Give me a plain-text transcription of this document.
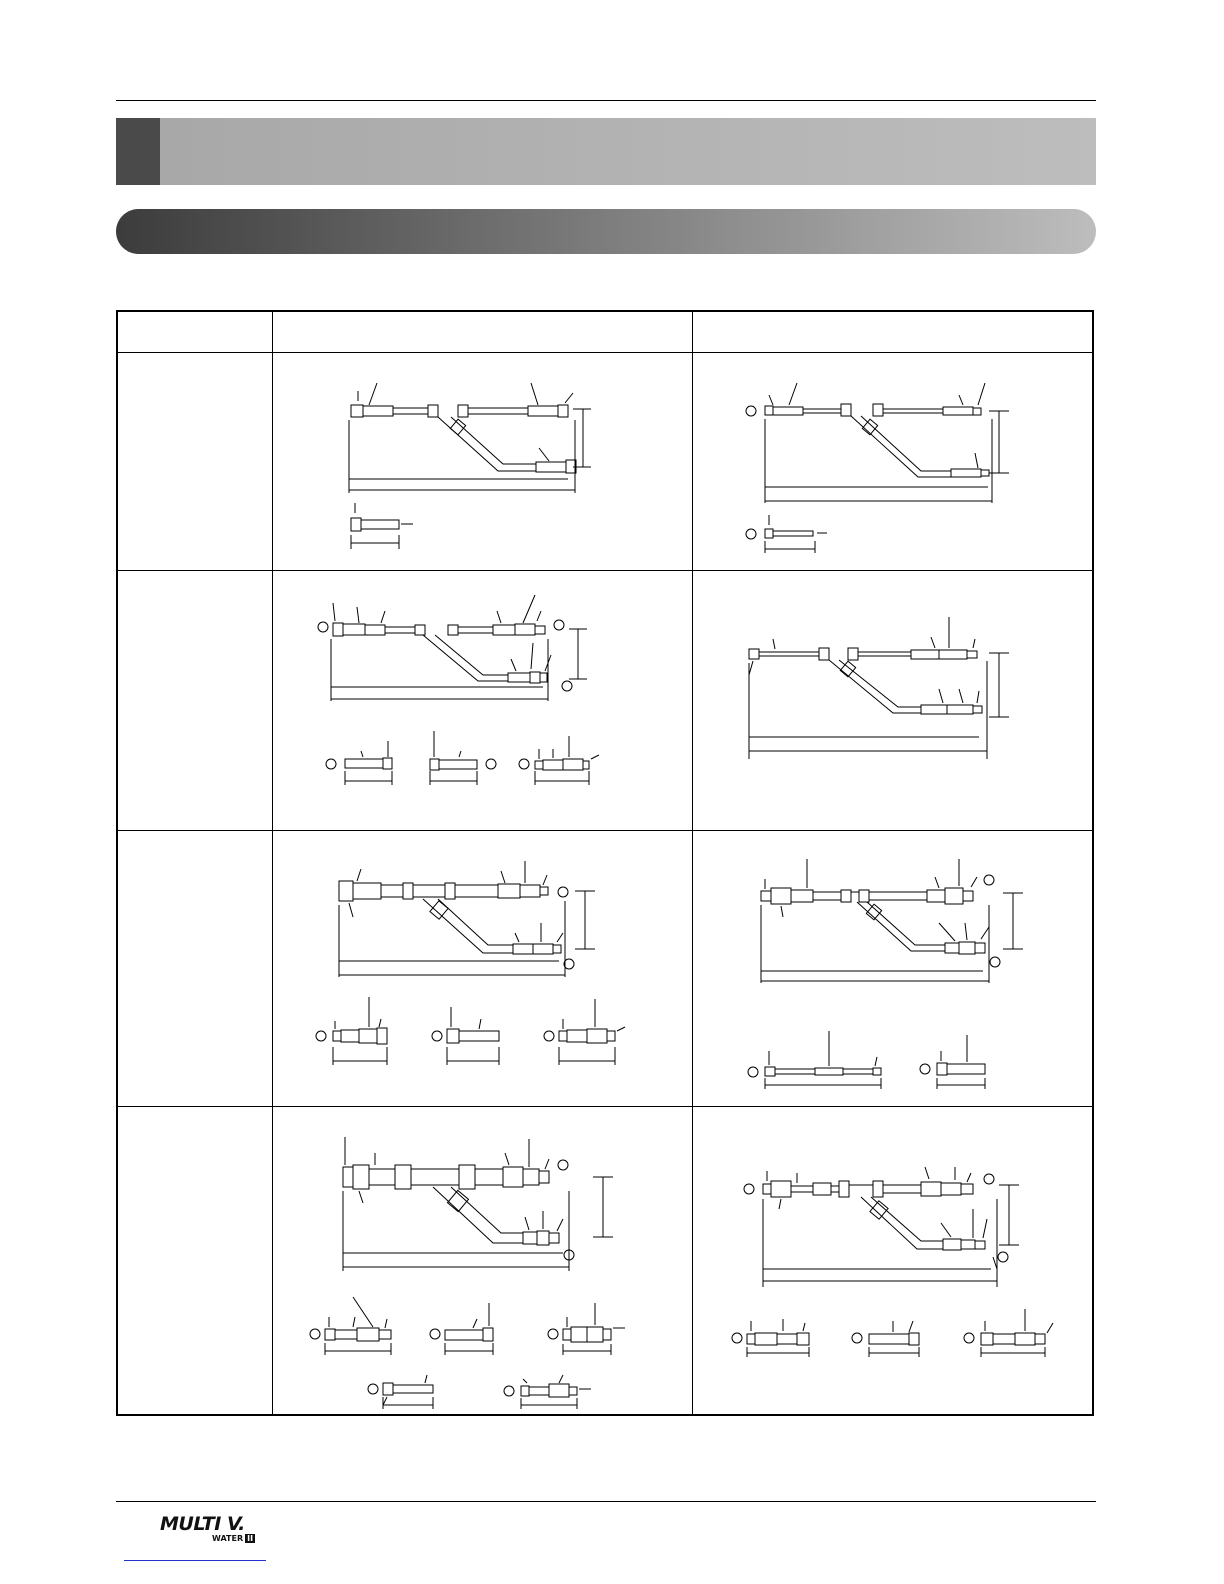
MULTI V.
WATER II
